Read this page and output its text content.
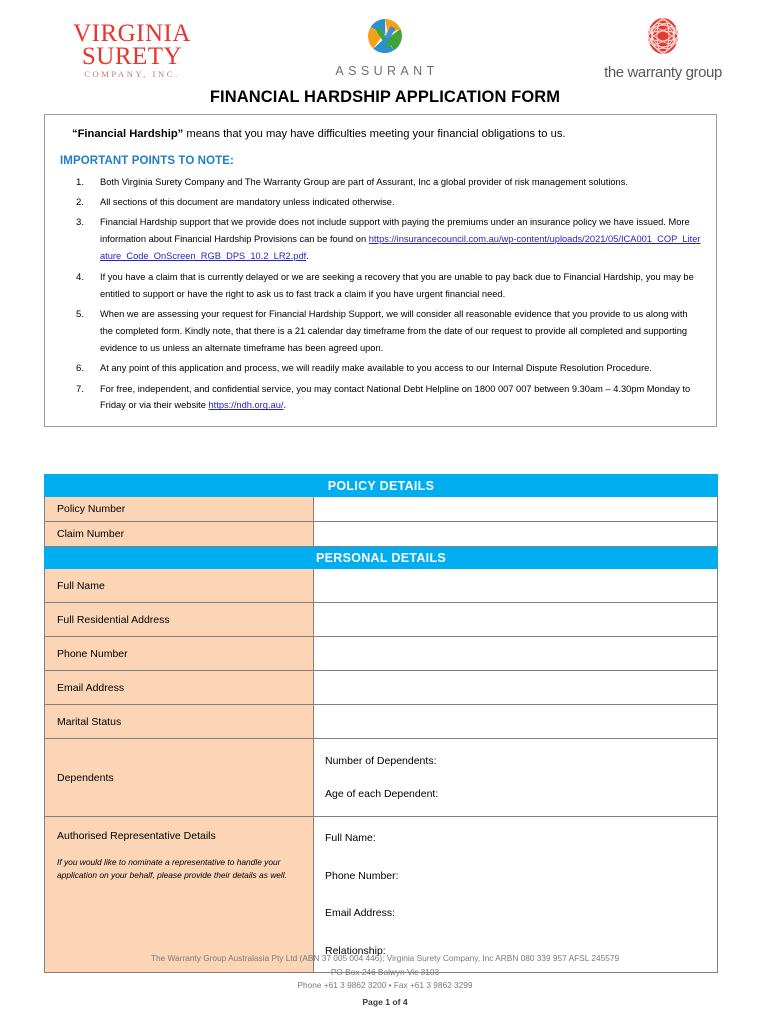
VIRGINIA
SURETY
COMPANY, INC.	ASSURANT	the warranty group
FINANCIAL HARDSHIP APPLICATION FORM

“Financial Hardship” means that you may have difficulties meeting your financial obligations to us.

IMPORTANT POINTS TO NOTE:
Both Virginia Surety Company and The Warranty Group are part of Assurant, Inc a global provider of risk management solutions.
All sections of this document are mandatory unless indicated otherwise.
Financial Hardship support that we provide does not include support with paying the premiums under an insurance policy we have issued. More information about Financial Hardship Provisions can be found on https://insurancecouncil.com.au/wp-content/uploads/2021/05/ICA001_COP_Literature_Code_OnScreen_RGB_DPS_10.2_LR2.pdf.
If you have a claim that is currently delayed or we are seeking a recovery that you are unable to pay back due to Financial Hardship, you may be entitled to support or have the right to ask us to fast track a claim if you have urgent financial need.
When we are assessing your request for Financial Hardship Support, we will consider all reasonable evidence that you provide to us along with the completed form. Kindly note, that there is a 21 calendar day timeframe from the date of our request to provide all completed and supporting evidence to us unless an alternate timeframe has been agreed upon.
At any point of this application and process, we will readily make available to you access to our Internal Dispute Resolution Procedure.
For free, independent, and confidential service, you may contact National Debt Helpline on 1800 007 007 between 9.30am – 4.30pm Monday to Friday or via their website https://ndh.org.au/.
POLICY DETAILS	
Policy Number	
Claim Number	
PERSONAL DETAILS	
Full Name	
Full Residential Address	
Phone Number	
Email Address	
Marital Status	
Dependents	Number of Dependents:
Age of each Dependent:

Authorised Representative Details
If you would like to nominate a representative to handle your application on your behalf, please provide their details as well.

Full Name:
Phone Number:
Email Address:
Relationship:
The Warranty Group Australasia Pty Ltd (ABN 37 005 004 446); Virginia Surety Company, Inc ARBN 080 339 957 AFSL 245579
PO Box 246 Balwyn Vic 3103
Phone +61 3 9862 3200 • Fax +61 3 9862 3299
Page 1 of 4
